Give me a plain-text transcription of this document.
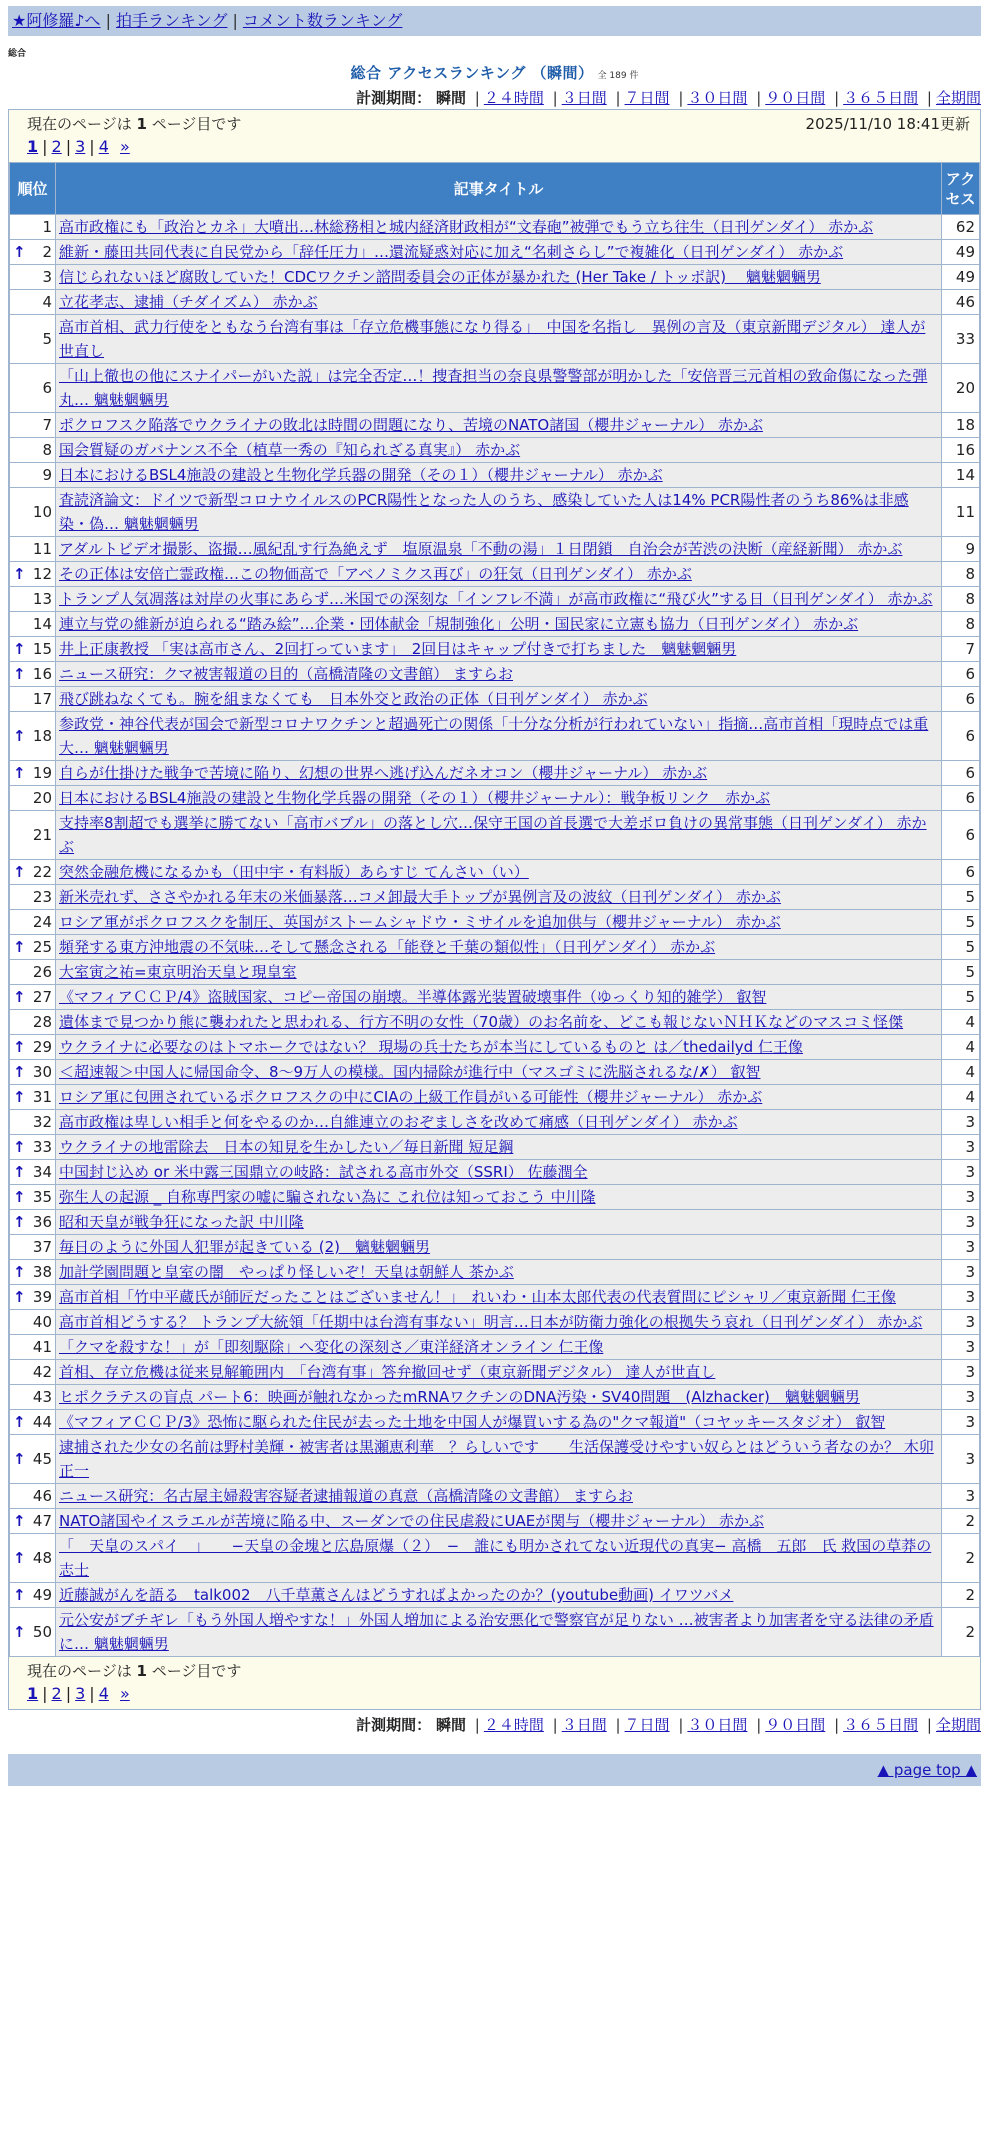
★阿修羅♪へ | 拍手ランキング | コメント数ランキング
総合
総合 アクセスランキング （瞬間） 全 189 件
計測期間： 瞬間 | ２４時間 | ３日間 | ７日間 | ３０日間 | ９０日間 | ３６５日間 | 全期間
現在のページは 1 ページ目です	2025/11/10 18:41更新
1 | 2 | 3 | 4 »
順位	記事タイトル	アクセス

1	高市政権にも「政治とカネ」大噴出…林総務相と城内経済財政相が“文春砲”被弾でもう立ち往生（日刊ゲンダイ） 赤かぶ	62

↑ 2	維新・藤田共同代表に自民党から「辞任圧力」…還流疑惑対応に加え“名刺さらし”で複雑化（日刊ゲンダイ） 赤かぶ	49

3	信じられないほど腐敗していた！CDCワクチン諮問委員会の正体が暴かれた (Her Take / トッポ訳)　 魑魅魍魎男	49

4	立花孝志、逮捕（チダイズム） 赤かぶ	46

5	高市首相、武力行使をともなう台湾有事は「存立危機事態になり得る」　中国を名指し　異例の言及（東京新聞デジタル） 達人が世直し	33

6	「山上徹也の他にスナイパーがいた説」は完全否定…！捜査担当の奈良県警警部が明かした「安倍晋三元首相の致命傷になった弾丸… 魑魅魍魎男	20

7	ポクロフスク陥落でウクライナの敗北は時間の問題になり、苦境のNATO諸国（櫻井ジャーナル） 赤かぶ	18

8	国会質疑のガバナンス不全（植草一秀の『知られざる真実』） 赤かぶ	16

9	日本におけるBSL4施設の建設と生物化学兵器の開発（その１）（櫻井ジャーナル） 赤かぶ	14

10	査読済論文：ドイツで新型コロナウイルスのPCR陽性となった人のうち、感染していた人は14% PCR陽性者のうち86%は非感染・偽… 魑魅魍魎男	11

11	アダルトビデオ撮影、盗撮…風紀乱す行為絶えず　塩原温泉「不動の湯」１日閉鎖　自治会が苦渋の決断（産経新聞） 赤かぶ	9

↑ 12	その正体は安倍亡霊政権…この物価高で「アベノミクス再び」の狂気（日刊ゲンダイ） 赤かぶ	8

13	トランプ人気凋落は対岸の火事にあらず…米国での深刻な「インフレ不満」が高市政権に“飛び火”する日（日刊ゲンダイ） 赤かぶ	8

14	連立与党の維新が迫られる“踏み絵”…企業・団体献金「規制強化」公明・国民家に立憲も協力（日刊ゲンダイ） 赤かぶ	8

↑ 15	井上正康教授 「実は高市さん、2回打っています」　2回目はキャップ付きで打ちました　魑魅魍魎男	7

↑ 16	ニュース研究：クマ被害報道の目的（高橋清隆の文書館） ますらお	6

17	飛び跳ねなくても。腕を組まなくても　日本外交と政治の正体（日刊ゲンダイ） 赤かぶ	6

↑ 18	参政党・神谷代表が国会で新型コロナワクチンと超過死亡の関係「十分な分析が行われていない」指摘…高市首相「現時点では重大… 魑魅魍魎男	6

↑ 19	自らが仕掛けた戦争で苦境に陥り、幻想の世界へ逃げ込んだネオコン（櫻井ジャーナル） 赤かぶ	6

20	日本におけるBSL4施設の建設と生物化学兵器の開発（その１）（櫻井ジャーナル）：戦争板リンク　赤かぶ	6

21	支持率8割超でも選挙に勝てない「高市バブル」の落とし穴…保守王国の首長選で大差ボロ負けの異常事態（日刊ゲンダイ） 赤かぶ	6

↑ 22	突然金融危機になるかも（田中宇・有料版）あらすじ てんさい（い）	6

23	新米売れず、ささやかれる年末の米価暴落…コメ卸最大手トップが異例言及の波紋（日刊ゲンダイ） 赤かぶ	5

24	ロシア軍がポクロフスクを制圧、英国がストームシャドウ・ミサイルを追加供与（櫻井ジャーナル） 赤かぶ	5

↑ 25	頻発する東方沖地震の不気味…そして懸念される「能登と千葉の類似性」（日刊ゲンダイ） 赤かぶ	5

26	大室寅之祐=東京明治天皇と現皇室	5

↑ 27	《マフィアＣＣＰ/4》盗賊国家、コピー帝国の崩壊。半導体露光装置破壊事件（ゆっくり知的雑学） 叡智	5

28	遺体まで見つかり熊に襲われたと思われる、行方不明の女性（70歳）のお名前を、どこも報じないＮＨＫなどのマスコミ怪傑	4

↑ 29	ウクライナに必要なのはトマホークではない？ 現場の兵士たちが本当にしているものと は／thedailyd 仁王像	4

↑ 30	＜超速報＞中国人に帰国命令、8～9万人の模様。国内掃除が進行中（マスゴミに洗脳されるな/✗） 叡智	4

↑ 31	ロシア軍に包囲されているポクロフスクの中にCIAの上級工作員がいる可能性（櫻井ジャーナル） 赤かぶ	4

32	高市政権は卑しい相手と何をやるのか…自維連立のおぞましさを改めて痛感（日刊ゲンダイ） 赤かぶ	3

↑ 33	ウクライナの地雷除去　日本の知見を生かしたい／毎日新聞 短足鋼	3

↑ 34	中国封じ込め or 米中露三国鼎立の岐路：試される高市外交（SSRI） 佐藤潤全	3

↑ 35	弥生人の起源 _ 自称専門家の嘘に騙されない為に これ位は知っておこう 中川隆	3

↑ 36	昭和天皇が戦争狂になった訳 中川隆	3

37	毎日のように外国人犯罪が起きている (2)　魑魅魍魎男	3

↑ 38	加計学園問題と皇室の闇　やっぱり怪しいぞ！天皇は朝鮮人 茶かぶ	3

↑ 39	高市首相「竹中平蔵氏が師匠だったことはございません！」　れいわ・山本太郎代表の代表質問にピシャリ／東京新聞 仁王像	3

40	高市首相どうする？ トランプ大統領「任期中は台湾有事ない」明言…日本が防衛力強化の根拠失う哀れ（日刊ゲンダイ） 赤かぶ	3

41	「クマを殺すな！」が「即刻駆除」へ変化の深刻さ／東洋経済オンライン 仁王像	3

42	首相、存立危機は従来見解範囲内　「台湾有事」答弁撤回せず（東京新聞デジタル） 達人が世直し	3

43	ヒポクラテスの盲点 パート6：映画が触れなかったmRNAワクチンのDNA汚染・SV40問題　(Alzhacker)　魑魅魍魎男	3

↑ 44	《マフィアＣＣＰ/3》恐怖に駆られた住民が去った土地を中国人が爆買いする為の"クマ報道"（コヤッキースタジオ） 叡智	3

↑ 45	逮捕された少女の名前は野村美輝・被害者は黒瀬恵利華　？らしいです　　生活保護受けやすい奴らとはどういう者なのか？ 木卯正一	3

46	ニュース研究：名古屋主婦殺害容疑者逮捕報道の真意（高橋清隆の文書館） ますらお	3

↑ 47	NATO諸国やイスラエルが苦境に陥る中、スーダンでの住民虐殺にUAEが関与（櫻井ジャーナル） 赤かぶ	2

↑ 48	「　天皇のスパイ　」　　−天皇の金塊と広島原爆（２）　−　誰にも明かされてない近現代の真実− 高橋　五郎　氏 救国の草莽の志士	2

↑ 49	近藤誠がんを語る　talk002　八千草薫さんはどうすればよかったのか？(youtube動画) イワツバメ	2

↑ 50	元公安がブチギレ「もう外国人増やすな！」外国人増加による治安悪化で警察官が足りない …被害者より加害者を守る法律の矛盾に… 魑魅魍魎男	2
現在のページは 1 ページ目です
1 | 2 | 3 | 4 »
計測期間： 瞬間 | ２４時間 | ３日間 | ７日間 | ３０日間 | ９０日間 | ３６５日間 | 全期間
▲ page top ▲
